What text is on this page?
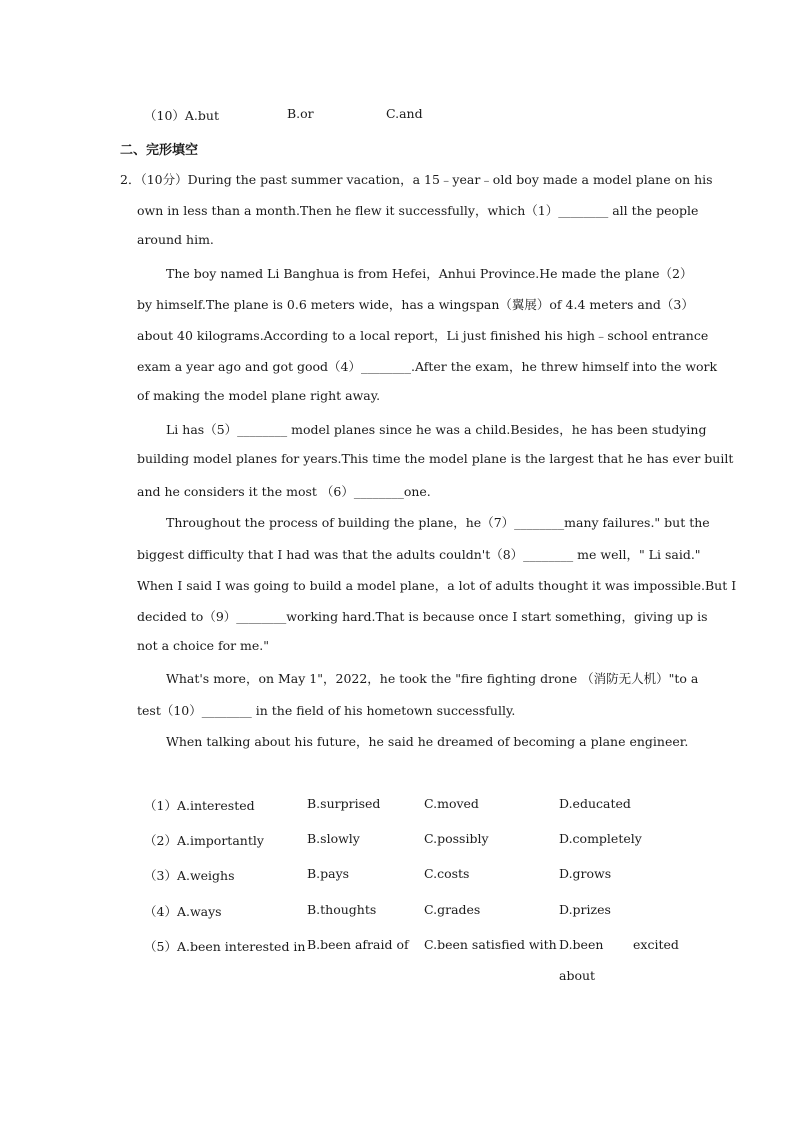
（10）A.but	B.or	C.and
二、完形填空
2．（10分）During the past summer vacation，a 15﹣year﹣old boy made a model plane on his
own in less than a month.Then he flew it successfully，which（1）________ all the people
around him.
The boy named Li Banghua is from Hefei，Anhui Province.He made the plane（2）
by himself.The plane is 0.6 meters wide，has a wingspan（翼展）of 4.4 meters and（3）
about 40 kilograms.According to a local report，Li just finished his high﹣school entrance
exam a year ago and got good（4）________.After the exam，he threw himself into the work
of making the model plane right away.
Li has（5）________ model planes since he was a child.Besides，he has been studying
building model planes for years.This time the model plane is the largest that he has ever built
and he considers it the most （6）________one.
Throughout the process of building the plane，he（7）________many failures." but the
biggest difficulty that I had was that the adults couldn't（8）________ me well，" Li said."
When I said I was going to build a model plane，a lot of adults thought it was impossible.But I
decided to（9）________working hard.That is because once I start something，giving up is
not a choice for me."
What's more，on May 1"，2022，he took the "fire fighting drone （消防无人机）"to a
test（10）________ in the field of his hometown successfully.
When talking about his future，he said he dreamed of becoming a plane engineer.
（1）A.interested	B.surprised	C.moved	D.educated
（2）A.importantly	B.slowly	C.possibly	D.completely
（3）A.weighs	B.pays	C.costs	D.grows
（4）A.ways	B.thoughts	C.grades	D.prizes
（5）A.been interested in B.been afraid of C.been satisfied with D.been excited
about
